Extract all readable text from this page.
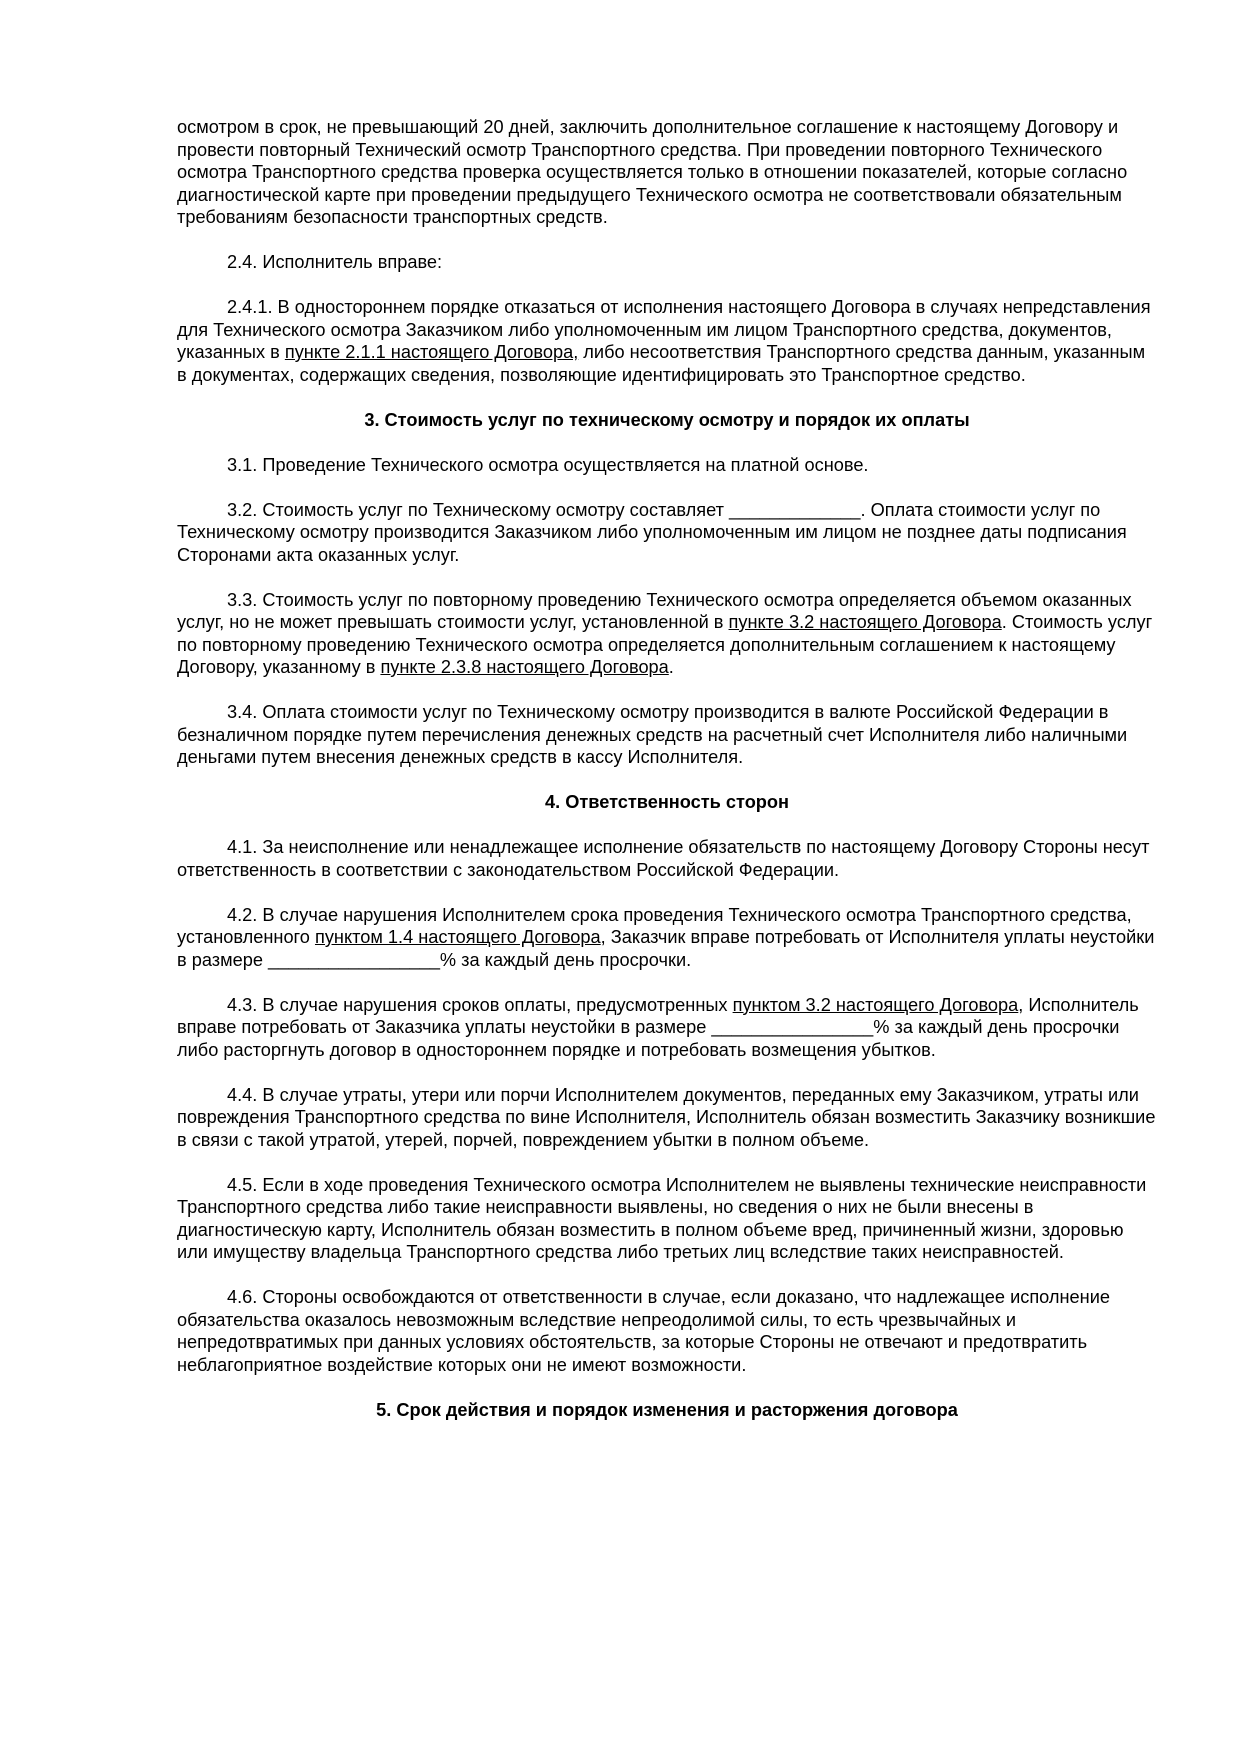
осмотром в срок, не превышающий 20 дней, заключить дополнительное соглашение к настоящему Договору и провести повторный Технический осмотр Транспортного средства. При проведении повторного Технического осмотра Транспортного средства проверка осуществляется только в отношении показателей, которые согласно диагностической карте при проведении предыдущего Технического осмотра не соответствовали обязательным требованиям безопасности транспортных средств.

2.4. Исполнитель вправе:

2.4.1. В одностороннем порядке отказаться от исполнения настоящего Договора в случаях непредставления для Технического осмотра Заказчиком либо уполномоченным им лицом Транспортного средства, документов, указанных в пункте 2.1.1 настоящего Договора, либо несоответствия Транспортного средства данным, указанным в документах, содержащих сведения, позволяющие идентифицировать это Транспортное средство.

3. Стоимость услуг по техническому осмотру и порядок их оплаты

3.1. Проведение Технического осмотра осуществляется на платной основе.

3.2. Стоимость услуг по Техническому осмотру составляет _____________. Оплата стоимости услуг по Техническому осмотру производится Заказчиком либо уполномоченным им лицом не позднее даты подписания Сторонами акта оказанных услуг.

3.3. Стоимость услуг по повторному проведению Технического осмотра определяется объемом оказанных услуг, но не может превышать стоимости услуг, установленной в пункте 3.2 настоящего Договора. Стоимость услуг по повторному проведению Технического осмотра определяется дополнительным соглашением к настоящему Договору, указанному в пункте 2.3.8 настоящего Договора.

3.4. Оплата стоимости услуг по Техническому осмотру производится в валюте Российской Федерации в безналичном порядке путем перечисления денежных средств на расчетный счет Исполнителя либо наличными деньгами путем внесения денежных средств в кассу Исполнителя.

4. Ответственность сторон

4.1. За неисполнение или ненадлежащее исполнение обязательств по настоящему Договору Стороны несут ответственность в соответствии с законодательством Российской Федерации.

4.2. В случае нарушения Исполнителем срока проведения Технического осмотра Транспортного средства, установленного пунктом 1.4 настоящего Договора, Заказчик вправе потребовать от Исполнителя уплаты неустойки в размере _________________% за каждый день просрочки.

4.3. В случае нарушения сроков оплаты, предусмотренных пунктом 3.2 настоящего Договора, Исполнитель вправе потребовать от Заказчика уплаты неустойки в размере ________________% за каждый день просрочки либо расторгнуть договор в одностороннем порядке и потребовать возмещения убытков.

4.4. В случае утраты, утери или порчи Исполнителем документов, переданных ему Заказчиком, утраты или повреждения Транспортного средства по вине Исполнителя, Исполнитель обязан возместить Заказчику возникшие в связи с такой утратой, утерей, порчей, повреждением убытки в полном объеме.

4.5. Если в ходе проведения Технического осмотра Исполнителем не выявлены технические неисправности Транспортного средства либо такие неисправности выявлены, но сведения о них не были внесены в диагностическую карту, Исполнитель обязан возместить в полном объеме вред, причиненный жизни, здоровью или имуществу владельца Транспортного средства либо третьих лиц вследствие таких неисправностей.

4.6. Стороны освобождаются от ответственности в случае, если доказано, что надлежащее исполнение обязательства оказалось невозможным вследствие непреодолимой силы, то есть чрезвычайных и непредотвратимых при данных условиях обстоятельств, за которые Стороны не отвечают и предотвратить неблагоприятное воздействие которых они не имеют возможности.

5. Срок действия и порядок изменения и расторжения договора
